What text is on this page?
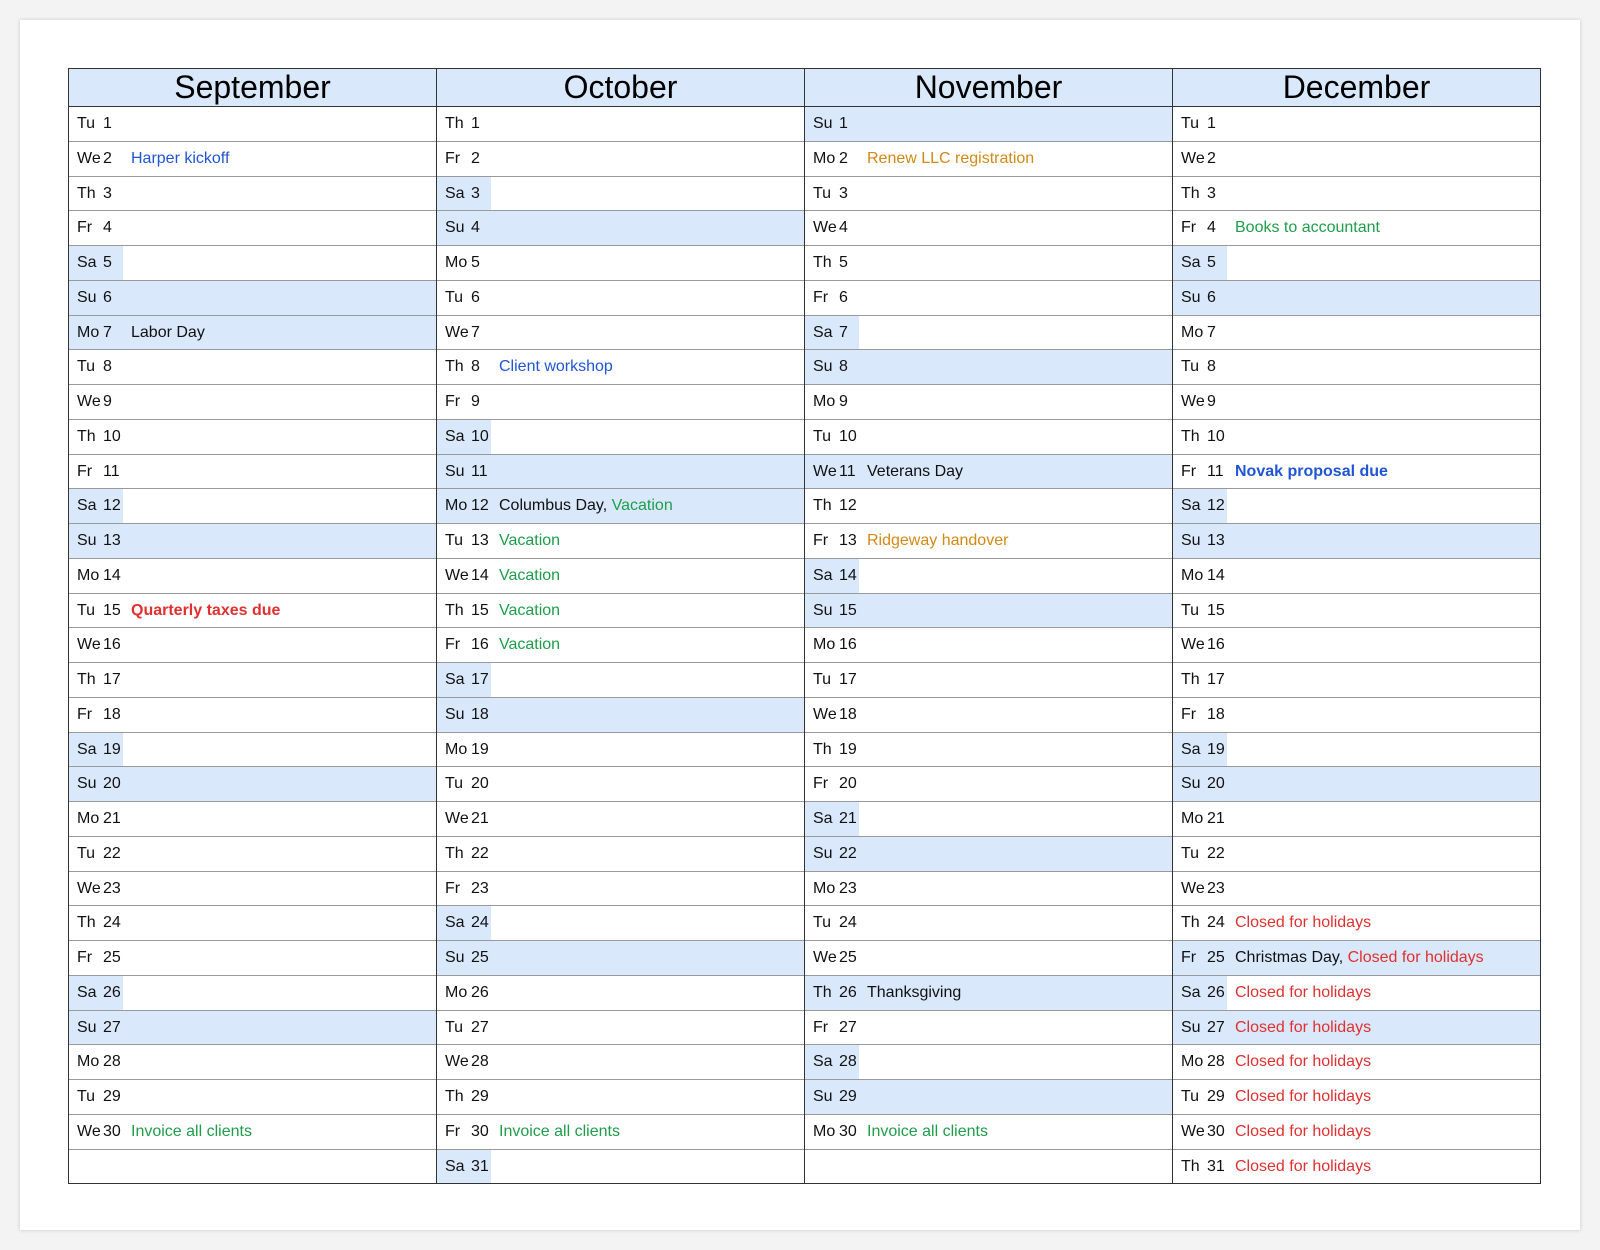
September
Tu 1
We 2 Harper kickoff
Th 3
Fr 4
Sa 5
Su 6
Mo 7 Labor Day
Tu 8
We 9
Th 10
Fr 11
Sa 12
Su 13
Mo 14
Tu 15 Quarterly taxes due
We 16
Th 17
Fr 18
Sa 19
Su 20
Mo 21
Tu 22
We 23
Th 24
Fr 25
Sa 26
Su 27
Mo 28
Tu 29
We 30 Invoice all clients
October
Th 1
Fr 2
Sa 3
Su 4
Mo 5
Tu 6
We 7
Th 8 Client workshop
Fr 9
Sa 10
Su 11
Mo 12 Columbus Day, Vacation
Tu 13 Vacation
We 14 Vacation
Th 15 Vacation
Fr 16 Vacation
Sa 17
Su 18
Mo 19
Tu 20
We 21
Th 22
Fr 23
Sa 24
Su 25
Mo 26
Tu 27
We 28
Th 29
Fr 30 Invoice all clients
Sa 31
November
Su 1
Mo 2 Renew LLC registration
Tu 3
We 4
Th 5
Fr 6
Sa 7
Su 8
Mo 9
Tu 10
We 11 Veterans Day
Th 12
Fr 13 Ridgeway handover
Sa 14
Su 15
Mo 16
Tu 17
We 18
Th 19
Fr 20
Sa 21
Su 22
Mo 23
Tu 24
We 25
Th 26 Thanksgiving
Fr 27
Sa 28
Su 29
Mo 30 Invoice all clients
December
Tu 1
We 2
Th 3
Fr 4 Books to accountant
Sa 5
Su 6
Mo 7
Tu 8
We 9
Th 10
Fr 11 Novak proposal due
Sa 12
Su 13
Mo 14
Tu 15
We 16
Th 17
Fr 18
Sa 19
Su 20
Mo 21
Tu 22
We 23
Th 24 Closed for holidays
Fr 25 Christmas Day, Closed for holidays
Sa 26 Closed for holidays
Su 27 Closed for holidays
Mo 28 Closed for holidays
Tu 29 Closed for holidays
We 30 Closed for holidays
Th 31 Closed for holidays
